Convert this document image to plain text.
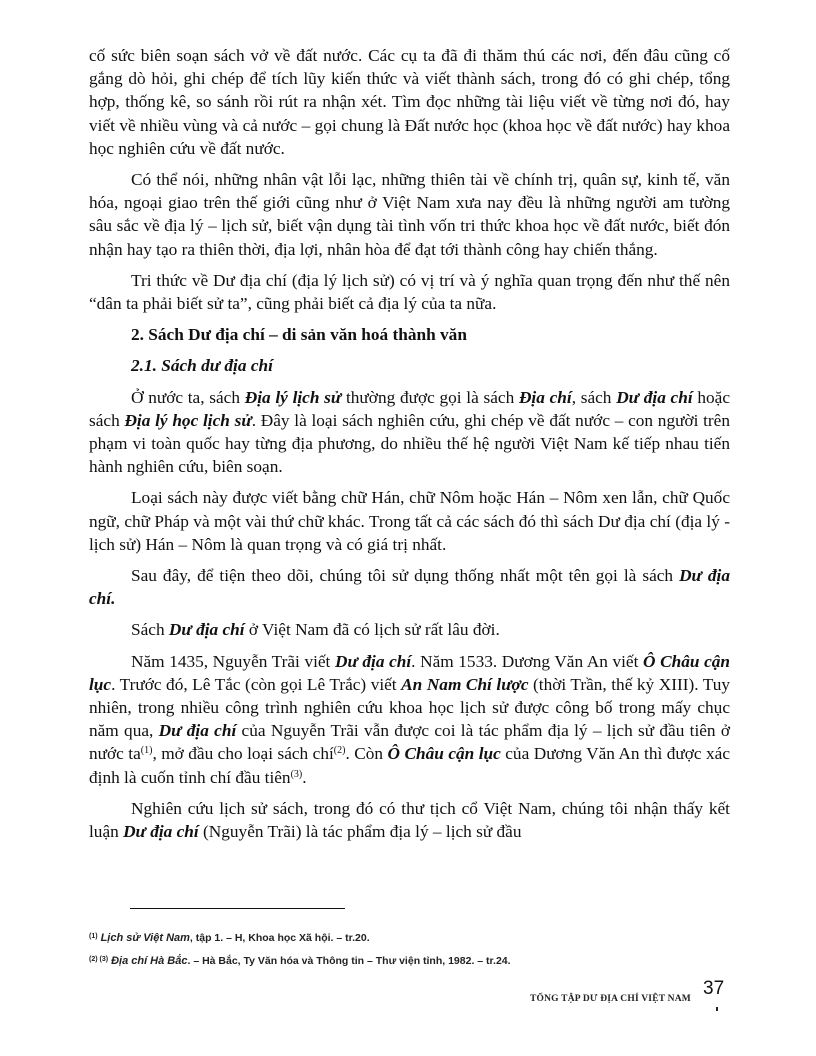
cố sức biên soạn sách vở về đất nước. Các cụ ta đã đi thăm thú các nơi, đến đâu cũng cố gắng dò hỏi, ghi chép để tích lũy kiến thức và viết thành sách, trong đó có ghi chép, tổng hợp, thống kê, so sánh rồi rút ra nhận xét. Tìm đọc những tài liệu viết về từng nơi đó, hay viết về nhiều vùng và cả nước – gọi chung là Đất nước học (khoa học về đất nước) hay khoa học nghiên cứu về đất nước.

Có thể nói, những nhân vật lỗi lạc, những thiên tài về chính trị, quân sự, kinh tế, văn hóa, ngoại giao trên thế giới cũng như ở Việt Nam xưa nay đều là những người am tường sâu sắc về địa lý – lịch sử, biết vận dụng tài tình vốn tri thức khoa học về đất nước, biết đón nhận hay tạo ra thiên thời, địa lợi, nhân hòa để đạt tới thành công hay chiến thắng.

Tri thức về Dư địa chí (địa lý lịch sử) có vị trí và ý nghĩa quan trọng đến như thế nên “dân ta phải biết sử ta”, cũng phải biết cả địa lý của ta nữa.

2. Sách Dư địa chí – di sản văn hoá thành văn

2.1. Sách dư địa chí

Ở nước ta, sách Địa lý lịch sử thường được gọi là sách Địa chí, sách Dư địa chí hoặc sách Địa lý học lịch sử. Đây là loại sách nghiên cứu, ghi chép về đất nước – con người trên phạm vi toàn quốc hay từng địa phương, do nhiều thế hệ người Việt Nam kế tiếp nhau tiến hành nghiên cứu, biên soạn.

Loại sách này được viết bằng chữ Hán, chữ Nôm hoặc Hán – Nôm xen lẫn, chữ Quốc ngữ, chữ Pháp và một vài thứ chữ khác. Trong tất cả các sách đó thì sách Dư địa chí (địa lý - lịch sử) Hán – Nôm là quan trọng và có giá trị nhất.

Sau đây, để tiện theo dõi, chúng tôi sử dụng thống nhất một tên gọi là sách Dư địa chí.

Sách Dư địa chí ở Việt Nam đã có lịch sử rất lâu đời.

Năm 1435, Nguyễn Trãi viết Dư địa chí. Năm 1533. Dương Văn An viết Ô Châu cận lục. Trước đó, Lê Tắc (còn gọi Lê Trắc) viết An Nam Chí lược (thời Trần, thế kỷ XIII). Tuy nhiên, trong nhiều công trình nghiên cứu khoa học lịch sử được công bố trong mấy chục năm qua, Dư địa chí của Nguyễn Trãi vẫn được coi là tác phẩm địa lý – lịch sử đầu tiên ở nước $ta^{(1)}$, mở đầu cho loại sách chí$^{(2)}$. Còn Ô Châu cận lục của Dương Văn An thì được xác định là cuốn tỉnh chí đầu tiên$^{(3)}$.

Nghiên cứu lịch sử sách, trong đó có thư tịch cổ Việt Nam, chúng tôi nhận thấy kết luận Dư địa chí (Nguyễn Trãi) là tác phẩm địa lý – lịch sử đầu

$^{(1)}$ Lịch sử Việt Nam, tập 1. – H, Khoa học Xã hội. – tr.20.

$^{(2) (3)}$ Địa chí Hà Bắc. – Hà Bắc, Ty Văn hóa và Thông tin – Thư viện tỉnh, 1982. – tr.24.

TỔNG TẬP DƯ ĐỊA CHÍ VIỆT NAM 37
